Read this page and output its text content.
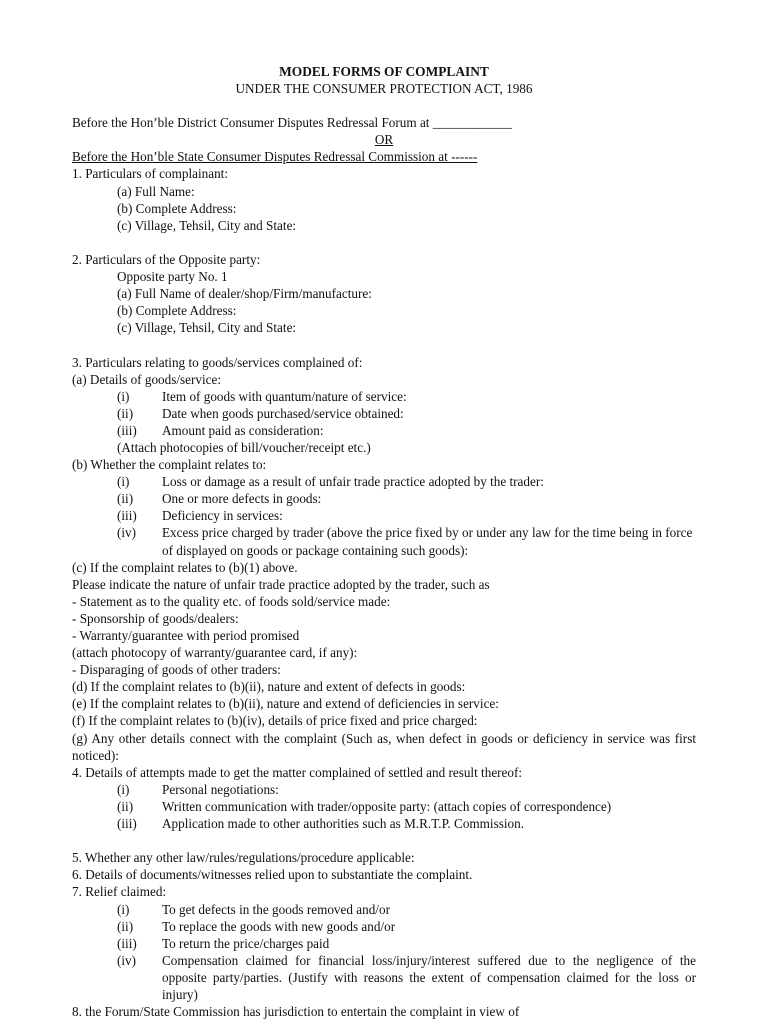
MODEL FORMS OF COMPLAINT

UNDER THE CONSUMER PROTECTION ACT, 1986

Before the Hon’ble District Consumer Disputes Redressal Forum at ____________

OR

Before the Hon’ble State Consumer Disputes Redressal Commission at ------

1. Particulars of complainant:

(a) Full Name:

(b) Complete Address:

(c) Village, Tehsil, City and State:

2. Particulars of the Opposite party:

Opposite party No. 1

(a) Full Name of dealer/shop/Firm/manufacture:

(b) Complete Address:

(c) Village, Tehsil, City and State:

3. Particulars relating to goods/services complained of:

(a) Details of goods/service:

(i)	Item of goods with quantum/nature of service:
(ii)	Date when goods purchased/service obtained:
(iii)	Amount paid as consideration:

(Attach photocopies of bill/voucher/receipt etc.)

(b) Whether the complaint relates to:

(i)	Loss or damage as a result of unfair trade practice adopted by the trader:
(ii)	One or more defects in goods:
(iii)	Deficiency in services:
(iv)	Excess price charged by trader (above the price fixed by or under any law for the time being in force of displayed on goods or package containing such goods):

(c) If the complaint relates to (b)(1) above.

Please indicate the nature of unfair trade practice adopted by the trader, such as

- Statement as to the quality etc. of foods sold/service made:

- Sponsorship of goods/dealers:

- Warranty/guarantee with period promised

(attach photocopy of warranty/guarantee card, if any):

- Disparaging of goods of other traders:

(d) If the complaint relates to (b)(ii), nature and extent of defects in goods:

(e) If the complaint relates to (b)(ii), nature and extend of deficiencies in service:

(f) If the complaint relates to (b)(iv), details of price fixed and price charged:

(g) Any other details connect with the complaint (Such as, when defect in goods or deficiency in service was first noticed):

4. Details of attempts made to get the matter complained of settled and result thereof:

(i)	Personal negotiations:
(ii)	Written communication with trader/opposite party: (attach copies of correspondence)
(iii)	Application made to other authorities such as M.R.T.P. Commission.

5. Whether any other law/rules/regulations/procedure applicable:

6. Details of documents/witnesses relied upon to substantiate the complaint.

7. Relief claimed:

(i)	To get defects in the goods removed and/or
(ii)	To replace the goods with new goods and/or
(iii)	To return the price/charges paid
(iv)	Compensation claimed for financial loss/injury/interest suffered due to the negligence of the opposite party/parties. (Justify with reasons the extent of compensation claimed for the loss or injury)

8. the Forum/State Commission has jurisdiction to entertain the complaint in view of
